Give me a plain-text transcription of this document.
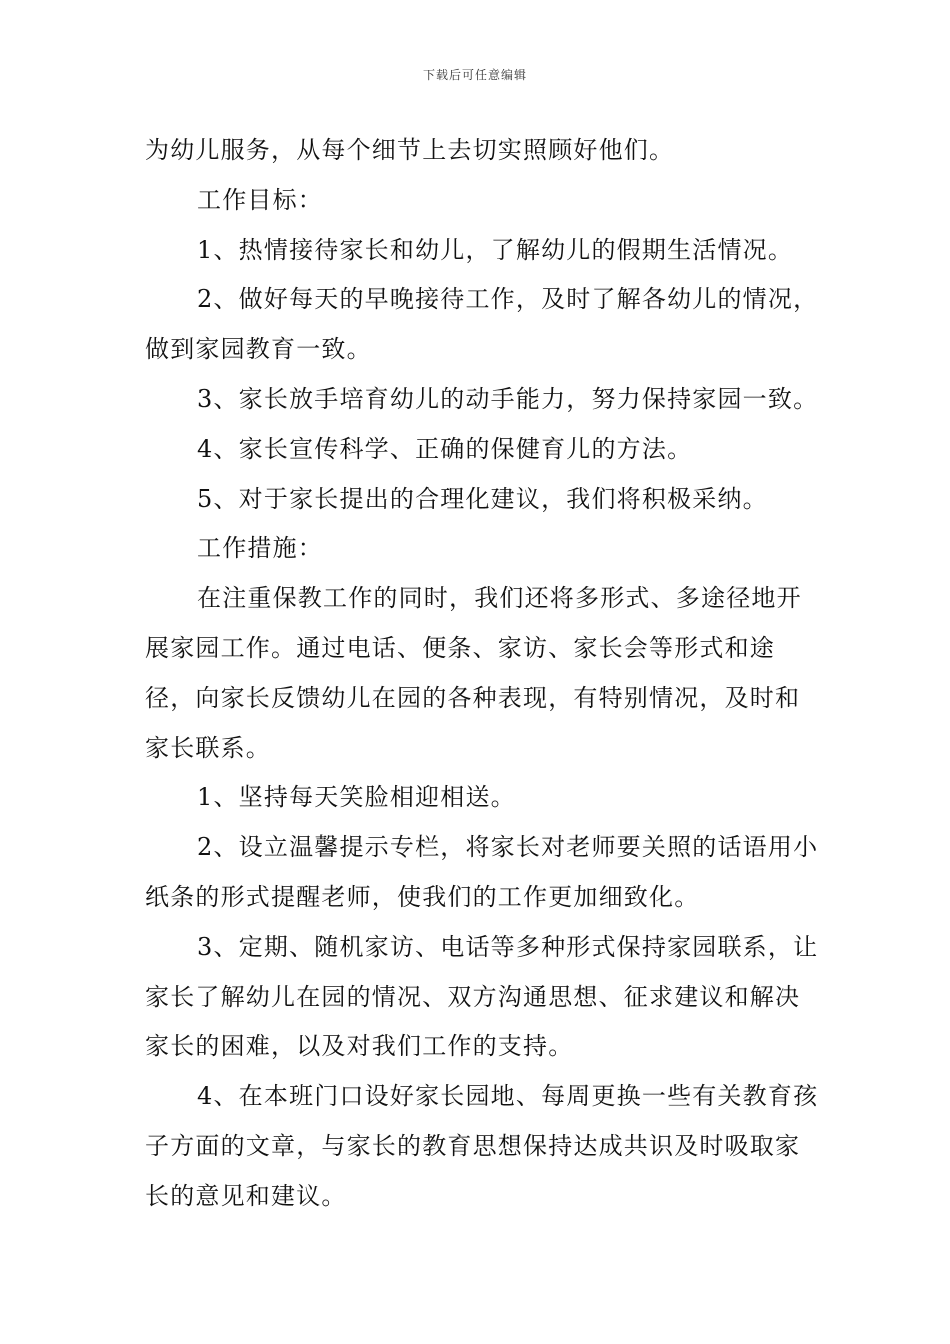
下载后可任意编辑

为幼儿服务，从每个细节上去切实照顾好他们。

工作目标：

1、热情接待家长和幼儿，了解幼儿的假期生活情况。

2、做好每天的早晚接待工作，及时了解各幼儿的情况，做到家园教育一致。

3、家长放手培育幼儿的动手能力，努力保持家园一致。

4、家长宣传科学、正确的保健育儿的方法。

5、对于家长提出的合理化建议，我们将积极采纳。

工作措施：

在注重保教工作的同时，我们还将多形式、多途径地开展家园工作。通过电话、便条、家访、家长会等形式和途径，向家长反馈幼儿在园的各种表现，有特别情况，及时和家长联系。

1、坚持每天笑脸相迎相送。

2、设立温馨提示专栏，将家长对老师要关照的话语用小纸条的形式提醒老师，使我们的工作更加细致化。

3、定期、随机家访、电话等多种形式保持家园联系，让家长了解幼儿在园的情况、双方沟通思想、征求建议和解决家长的困难，以及对我们工作的支持。

4、在本班门口设好家长园地、每周更换一些有关教育孩子方面的文章，与家长的教育思想保持达成共识及时吸取家长的意见和建议。
